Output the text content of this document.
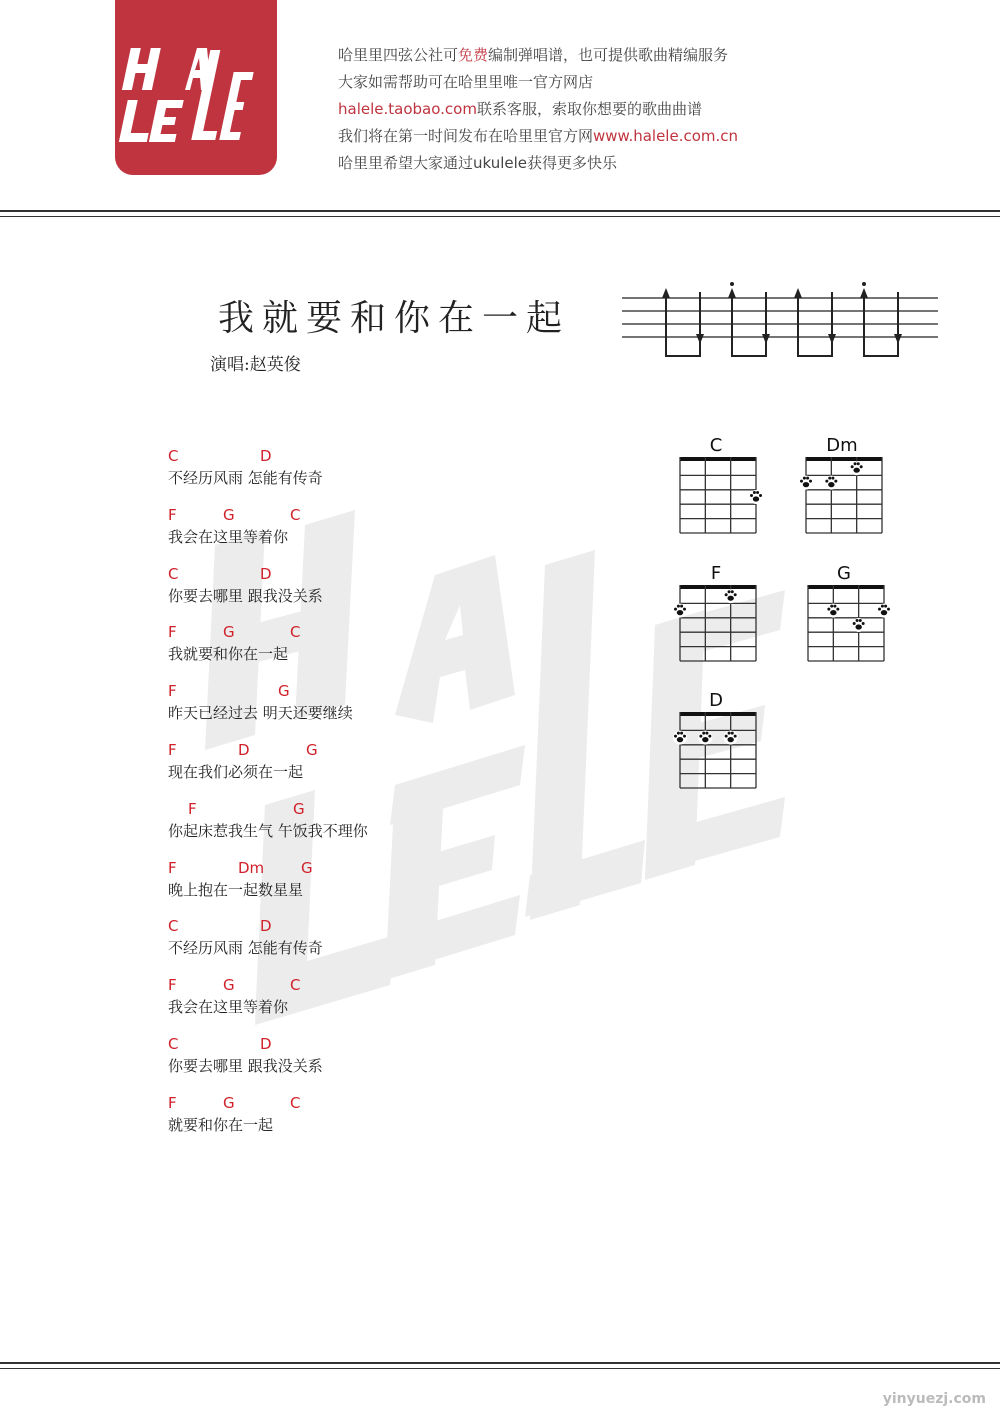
哈里里四弦公社可免费编制弹唱谱，也可提供歌曲精编服务
大家如需帮助可在哈里里唯一官方网店
halele.taobao.com联系客服，索取你想要的歌曲曲谱
我们将在第一时间发布在哈里里官方网www.halele.com.cn
哈里里希望大家通过ukulele获得更多快乐
我就要和你在一起
演唱:赵英俊
C	D
不经历风雨 怎能有传奇
F	G	C
我会在这里等着你
C	D
你要去哪里 跟我没关系
F	G	C
我就要和你在一起
F	G
昨天已经过去 明天还要继续
F	D	G
现在我们必须在一起
F	G
你起床惹我生气 午饭我不理你
F	Dm G
晚上抱在一起数星星
C	D
不经历风雨 怎能有传奇
F	G	C
我会在这里等着你
C	D
你要去哪里 跟我没关系
F	G	C
就要和你在一起
C	Dm
F	G
D
yinyuezj.com
